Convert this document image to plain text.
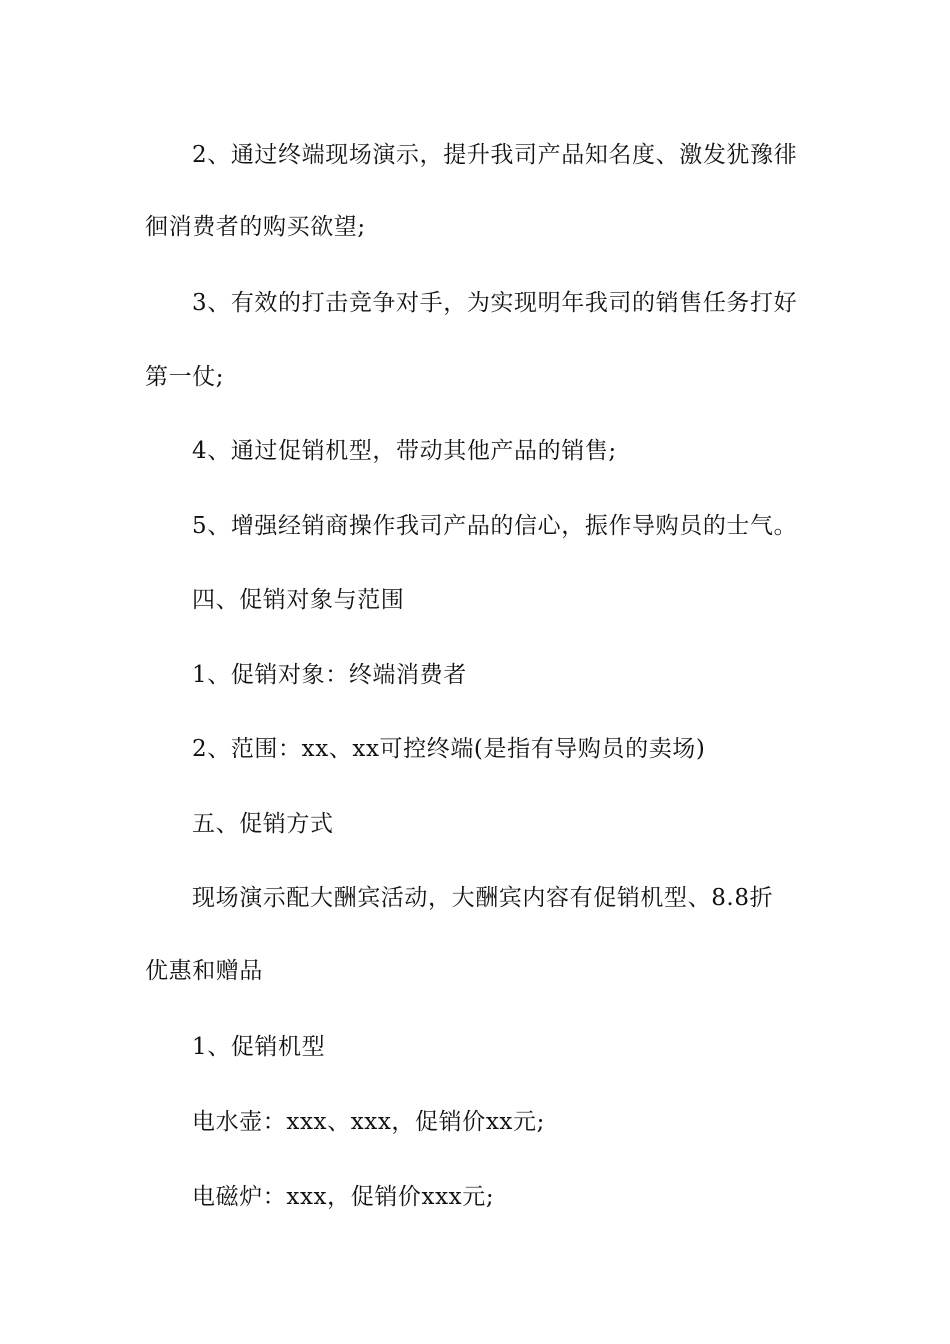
2、通过终端现场演示，提升我司产品知名度、激发犹豫徘
徊消费者的购买欲望;
3、有效的打击竞争对手，为实现明年我司的销售任务打好
第一仗;
4、通过促销机型，带动其他产品的销售;
5、增强经销商操作我司产品的信心，振作导购员的士气。
四、促销对象与范围
1、促销对象：终端消费者
2、范围：xx、xx可控终端(是指有导购员的卖场)
五、促销方式
现场演示配大酬宾活动，大酬宾内容有促销机型、8.8折
优惠和赠品
1、促销机型
电水壶：xxx、xxx，促销价xx元;
电磁炉：xxx，促销价xxx元;
